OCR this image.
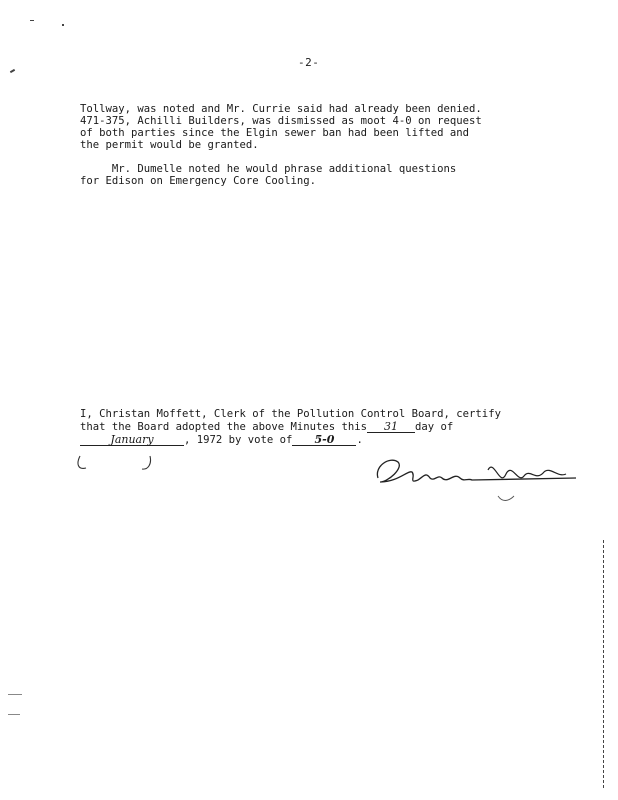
-2-
Tollway, was noted and Mr. Currie said had already been denied.
471-375, Achilli Builders, was dismissed as moot 4-0 on request
of both parties since the Elgin sewer ban had been lifted and
the permit would be granted.

Mr. Dumelle noted he would phrase additional questions
for Edison on Emergency Core Cooling.
I, Christan Moffett, Clerk of the Pollution Control Board, certify
that the Board adopted the above Minutes this 31 day of
January	, 1972 by vote of 5-0 .
